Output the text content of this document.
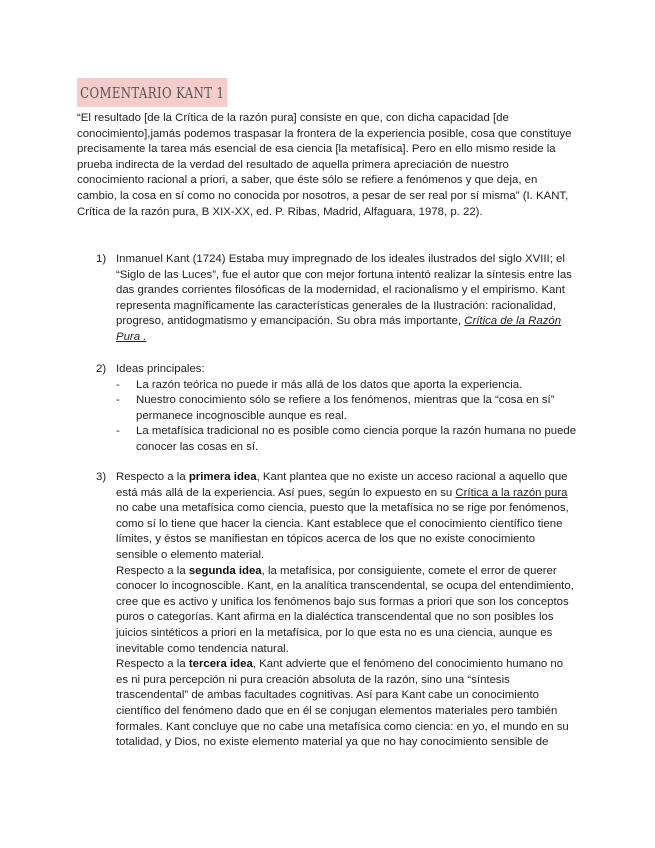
COMENTARIO KANT 1

“El resultado [de la Crítica de la razón pura] consiste en que, con dicha capacidad [de conocimiento],jamás podemos traspasar la frontera de la experiencia posible, cosa que constituye precisamente la tarea más esencial de esa ciencia [la metafísica]. Pero en ello mismo reside la prueba indirecta de la verdad del resultado de aquella primera apreciación de nuestro conocimiento racional a priori, a saber, que éste sólo se refiere a fenómenos y que deja, en cambio, la cosa en sí como no conocida por nosotros, a pesar de ser real por sí misma” (I. KANT, Crítica de la razón pura, B XIX-XX, ed. P. Ribas, Madrid, Alfaguara, 1978, p. 22).

1) Inmanuel Kant (1724) Estaba muy impregnado de los ideales ilustrados del siglo XVIII; el “Siglo de las Luces”, fue el autor que con mejor fortuna intentó realizar la síntesis entre las das grandes corrientes filosóficas de la modernidad, el racionalismo y el empirismo. Kant representa magníficamente las características generales de la Ilustración: racionalidad, progreso, antidogmatismo y emancipación. Su obra más importante, Crítica de la Razón Pura .
2) Ideas principales:

- La razón teórica no puede ir más allá de los datos que aporta la experiencia.
- Nuestro conocimiento sólo se refiere a los fenómenos, mientras que la “cosa en sí” permanece incognoscible aunque es real.
- La metafísica tradicional no es posible como ciencia porque la razón humana no puede conocer las cosas en sí.
3) Respecto a la primera idea, Kant plantea que no existe un acceso racional a aquello que está más allá de la experiencia. Así pues, según lo expuesto en su Crítica a la razón pura no cabe una metafísica como ciencia, puesto que la metafísica no se rige por fenómenos, como sí lo tiene que hacer la ciencia. Kant establece que el conocimiento científico tiene límites, y éstos se manifiestan en tópicos acerca de los que no existe conocimiento sensible o elemento material.

Respecto a la segunda idea, la metafísica, por consiguiente, comete el error de querer conocer lo incognoscible. Kant, en la analítica transcendental, se ocupa del entendimiento, cree que es activo y unifica los fenómenos bajo sus formas a priori que son los conceptos puros o categorías. Kant afirma en la dialéctica transcendental que no son posibles los juicios sintéticos a priori en la metafísica, por lo que esta no es una ciencia, aunque es inevitable como tendencia natural.

Respecto a la tercera idea, Kant advierte que el fenómeno del conocimiento humano no es ni pura percepción ni pura creación absoluta de la razón, sino una “síntesis trascendental” de ambas facultades cognitivas. Así para Kant cabe un conocimiento científico del fenómeno dado que en él se conjugan elementos materiales pero también formales. Kant concluye que no cabe una metafísica como ciencia: en yo, el mundo en su totalidad, y Dios, no existe elemento material ya que no hay conocimiento sensible de
